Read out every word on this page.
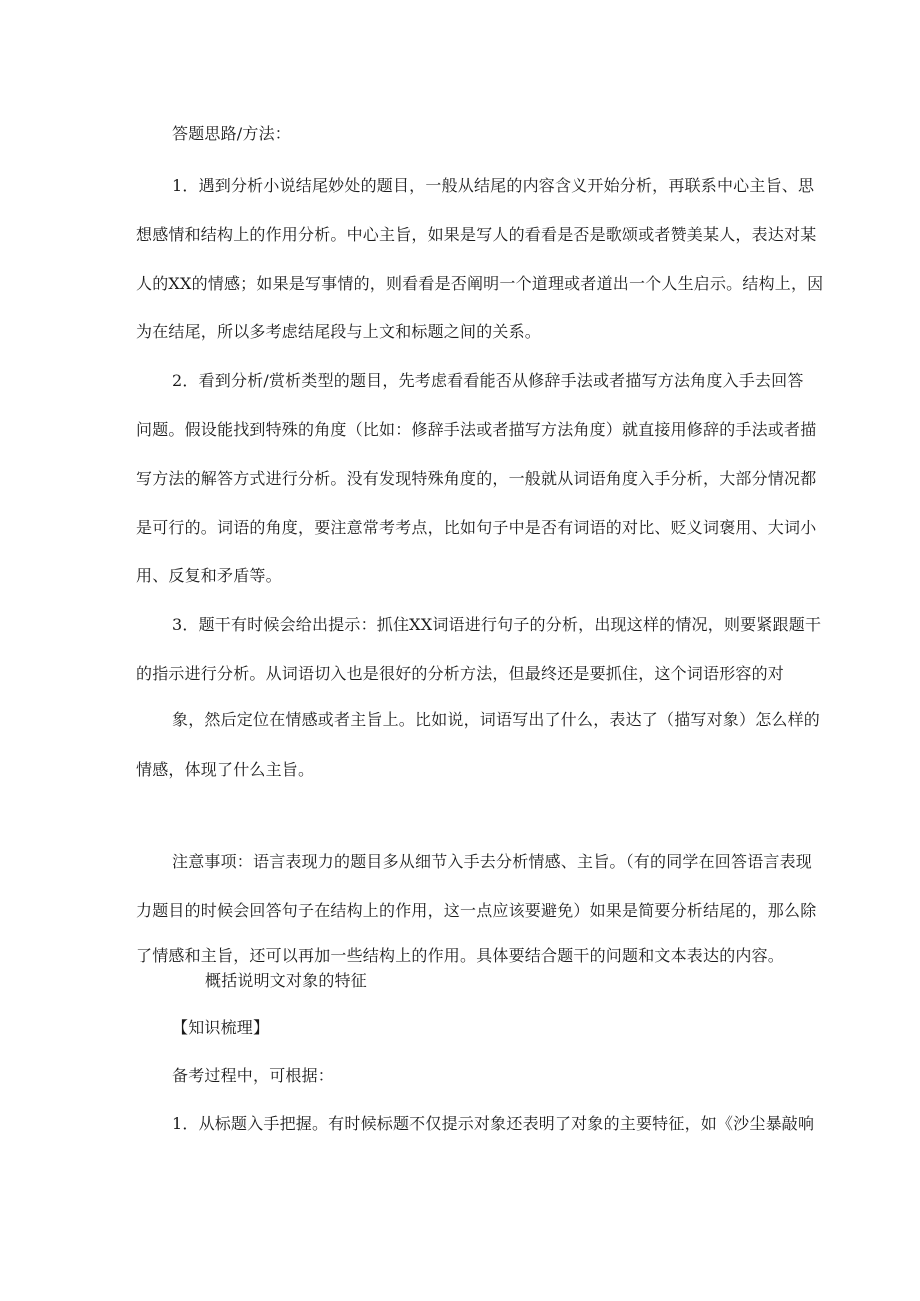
答题思路/方法：
1．遇到分析小说结尾妙处的题目，一般从结尾的内容含义开始分析，再联系中心主旨、思
想感情和结构上的作用分析。中心主旨，如果是写人的看看是否是歌颂或者赞美某人，表达对某
人的XX的情感；如果是写事情的，则看看是否阐明一个道理或者道出一个人生启示。结构上，因
为在结尾，所以多考虑结尾段与上文和标题之间的关系。
2．看到分析/赏析类型的题目，先考虑看看能否从修辞手法或者描写方法角度入手去回答
问题。假设能找到特殊的角度（比如：修辞手法或者描写方法角度）就直接用修辞的手法或者描
写方法的解答方式进行分析。没有发现特殊角度的，一般就从词语角度入手分析，大部分情况都
是可行的。词语的角度，要注意常考考点，比如句子中是否有词语的对比、贬义词褒用、大词小
用、反复和矛盾等。
3．题干有时候会给出提示：抓住XX词语进行句子的分析，出现这样的情况，则要紧跟题干
的指示进行分析。从词语切入也是很好的分析方法，但最终还是要抓住，这个词语形容的对
象，然后定位在情感或者主旨上。比如说，词语写出了什么，表达了（描写对象）怎么样的
情感，体现了什么主旨。
注意事项：语言表现力的题目多从细节入手去分析情感、主旨。（有的同学在回答语言表现
力题目的时候会回答句子在结构上的作用，这一点应该要避免）如果是简要分析结尾的，那么除
了情感和主旨，还可以再加一些结构上的作用。具体要结合题干的问题和文本表达的内容。
概括说明文对象的特征
【知识梳理】
备考过程中，可根据：
1．从标题入手把握。有时候标题不仅提示对象还表明了对象的主要特征，如《沙尘暴敲响
